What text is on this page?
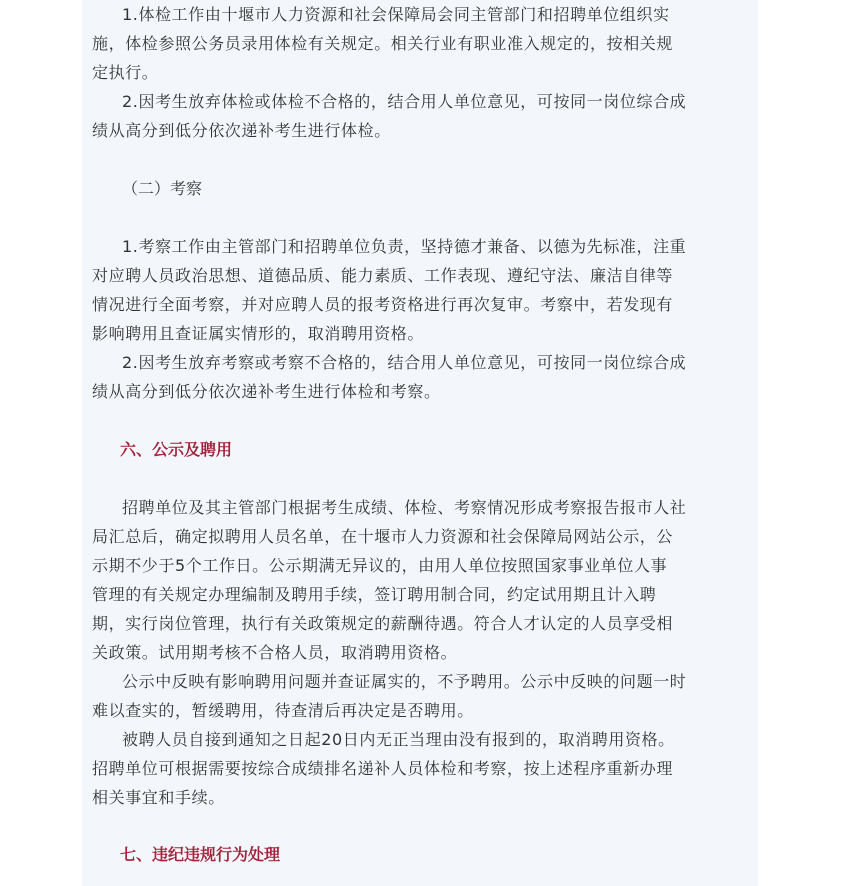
1.体检工作由十堰市人力资源和社会保障局会同主管部门和招聘单位组织实
施，体检参照公务员录用体检有关规定。相关行业有职业准入规定的，按相关规
定执行。
2.因考生放弃体检或体检不合格的，结合用人单位意见，可按同一岗位综合成
绩从高分到低分依次递补考生进行体检。
（二）考察
1.考察工作由主管部门和招聘单位负责，坚持德才兼备、以德为先标准，注重
对应聘人员政治思想、道德品质、能力素质、工作表现、遵纪守法、廉洁自律等
情况进行全面考察，并对应聘人员的报考资格进行再次复审。考察中，若发现有
影响聘用且查证属实情形的，取消聘用资格。
2.因考生放弃考察或考察不合格的，结合用人单位意见，可按同一岗位综合成
绩从高分到低分依次递补考生进行体检和考察。
六、公示及聘用
招聘单位及其主管部门根据考生成绩、体检、考察情况形成考察报告报市人社
局汇总后，确定拟聘用人员名单，在十堰市人力资源和社会保障局网站公示，公
示期不少于5个工作日。公示期满无异议的，由用人单位按照国家事业单位人事
管理的有关规定办理编制及聘用手续，签订聘用制合同，约定试用期且计入聘
期，实行岗位管理，执行有关政策规定的薪酬待遇。符合人才认定的人员享受相
关政策。试用期考核不合格人员，取消聘用资格。
公示中反映有影响聘用问题并查证属实的，不予聘用。公示中反映的问题一时
难以查实的，暂缓聘用，待查清后再决定是否聘用。
被聘人员自接到通知之日起20日内无正当理由没有报到的，取消聘用资格。
招聘单位可根据需要按综合成绩排名递补人员体检和考察，按上述程序重新办理
相关事宜和手续。
七、违纪违规行为处理
